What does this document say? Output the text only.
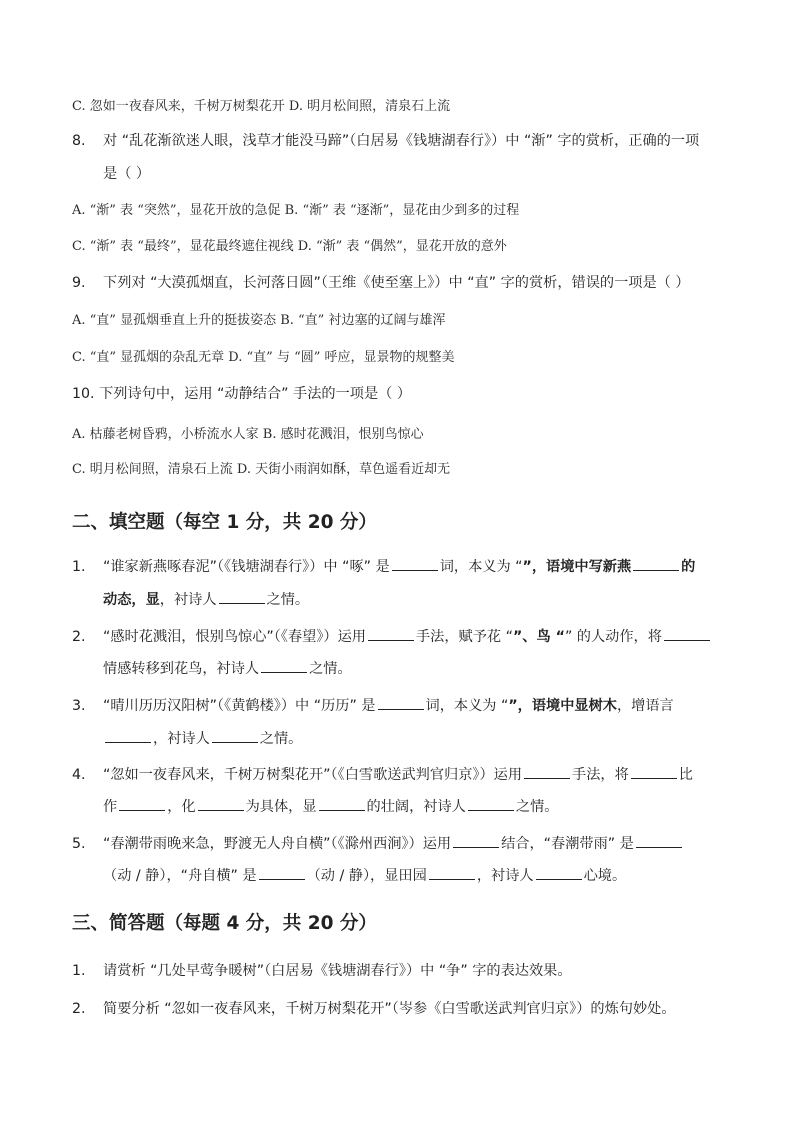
C. 忽如一夜春风来，千树万树梨花开 D. 明月松间照，清泉石上流
8. 对 “乱花渐欲迷人眼，浅草才能没马蹄”（白居易《钱塘湖春行》）中 “渐” 字的赏析，正确的一项
是（ ）
A. “渐” 表 “突然”，显花开放的急促 B. “渐” 表 “逐渐”，显花由少到多的过程
C. “渐” 表 “最终”，显花最终遮住视线 D. “渐” 表 “偶然”，显花开放的意外
9. 下列对 “大漠孤烟直，长河落日圆”（王维《使至塞上》）中 “直” 字的赏析，错误的一项是（ ）
A. “直” 显孤烟垂直上升的挺拔姿态 B. “直” 衬边塞的辽阔与雄浑
C. “直” 显孤烟的杂乱无章 D. “直” 与 “圆” 呼应，显景物的规整美
10. 下列诗句中，运用 “动静结合” 手法的一项是（ ）
A. 枯藤老树昏鸦，小桥流水人家 B. 感时花溅泪，恨别鸟惊心
C. 明月松间照，清泉石上流 D. 天街小雨润如酥，草色遥看近却无
二、填空题（每空 1 分，共 20 分）
1. “谁家新燕啄春泥”（《钱塘湖春行》）中 “啄” 是	词，本义为 “”，语境中写新燕	的
动态，显，衬诗人	之情。
2. “感时花溅泪，恨别鸟惊心”（《春望》）运用	手法，赋予花 “”、鸟 “” 的人动作，将
情感转移到花鸟，衬诗人	之情。
3. “晴川历历汉阳树”（《黄鹤楼》）中 “历历” 是	词，本义为 “”，语境中显树木，增语言
，衬诗人	之情。
4. “忽如一夜春风来，千树万树梨花开”（《白雪歌送武判官归京》）运用	手法，将	比
作	，化	为具体，显	的壮阔，衬诗人	之情。
5. “春潮带雨晚来急，野渡无人舟自横”（《滁州西涧》）运用	结合，“春潮带雨” 是
（动 / 静），“舟自横” 是	（动 / 静），显田园	，衬诗人	心境。
三、简答题（每题 4 分，共 20 分）
1. 请赏析 “几处早莺争暖树”（白居易《钱塘湖春行》）中 “争” 字的表达效果。
2. 简要分析 “忽如一夜春风来，千树万树梨花开”（岑参《白雪歌送武判官归京》）的炼句妙处。
